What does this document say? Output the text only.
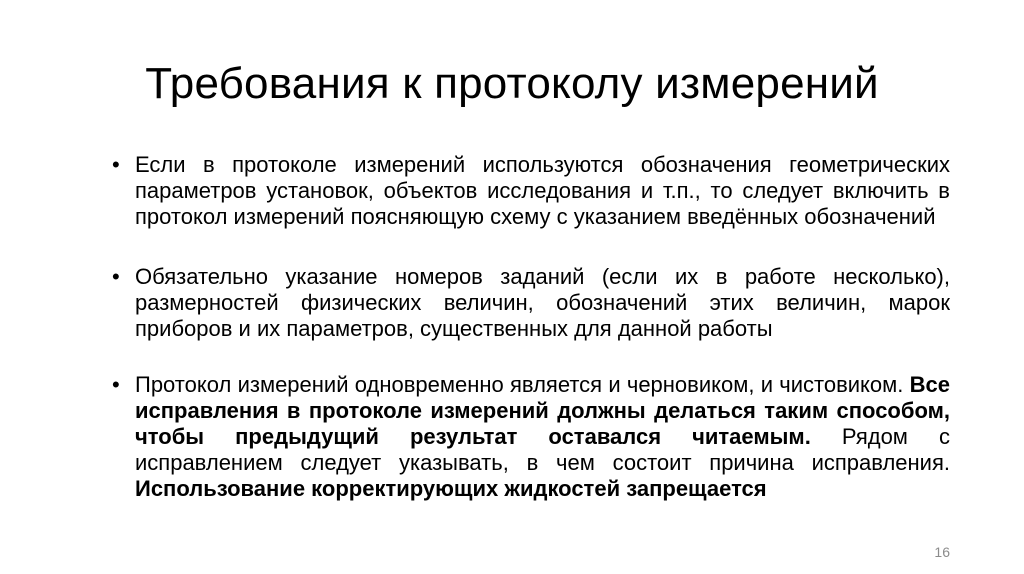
Требования к протоколу измерений
• Если в протоколе измерений используются обозначения геометрических параметров установок, объектов исследования и т.п., то следует включить в протокол измерений поясняющую схему с указанием введённых обозначений
• Обязательно указание номеров заданий (если их в работе несколько), размерностей физических величин, обозначений этих величин, марок приборов и их параметров, существенных для данной работы
• Протокол измерений одновременно является и черновиком, и чистовиком. Все исправления в протоколе измерений должны делаться таким способом, чтобы предыдущий результат оставался читаемым. Рядом с исправлением следует указывать, в чем состоит причина исправления. Использование корректирующих жидкостей запрещается
16
